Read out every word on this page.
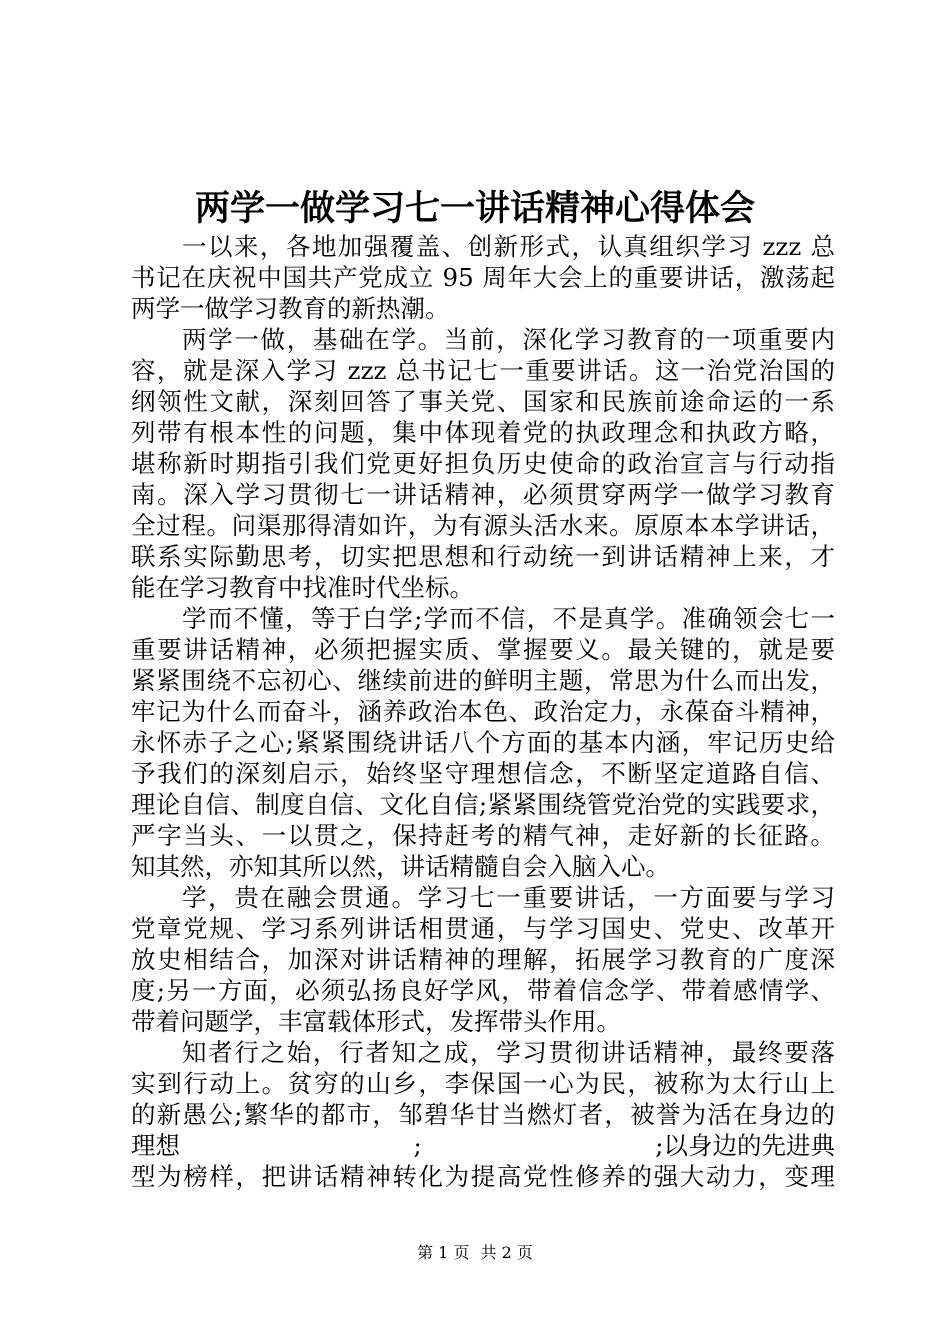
两学一做学习七一讲话精神心得体会
一以来，各地加强覆盖、创新形式，认真组织学习 zzz 总
书记在庆祝中国共产党成立 95 周年大会上的重要讲话，激荡起
两学一做学习教育的新热潮。
两学一做，基础在学。当前，深化学习教育的一项重要内
容，就是深入学习 zzz 总书记七一重要讲话。这一治党治国的
纲领性文献，深刻回答了事关党、国家和民族前途命运的一系
列带有根本性的问题，集中体现着党的执政理念和执政方略，
堪称新时期指引我们党更好担负历史使命的政治宣言与行动指
南。深入学习贯彻七一讲话精神，必须贯穿两学一做学习教育
全过程。问渠那得清如许，为有源头活水来。原原本本学讲话，
联系实际勤思考，切实把思想和行动统一到讲话精神上来，才
能在学习教育中找准时代坐标。
学而不懂，等于白学;学而不信，不是真学。准确领会七一
重要讲话精神，必须把握实质、掌握要义。最关键的，就是要
紧紧围绕不忘初心、继续前进的鲜明主题，常思为什么而出发，
牢记为什么而奋斗，涵养政治本色、政治定力，永葆奋斗精神，
永怀赤子之心;紧紧围绕讲话八个方面的基本内涵，牢记历史给
予我们的深刻启示，始终坚守理想信念，不断坚定道路自信、
理论自信、制度自信、文化自信;紧紧围绕管党治党的实践要求，
严字当头、一以贯之，保持赶考的精气神，走好新的长征路。
知其然，亦知其所以然，讲话精髓自会入脑入心。
学，贵在融会贯通。学习七一重要讲话，一方面要与学习
党章党规、学习系列讲话相贯通，与学习国史、党史、改革开
放史相结合，加深对讲话精神的理解，拓展学习教育的广度深
度;另一方面，必须弘扬良好学风，带着信念学、带着感情学、
带着问题学，丰富载体形式，发挥带头作用。
知者行之始，行者知之成，学习贯彻讲话精神，最终要落
实到行动上。贫穷的山乡，李保国一心为民，被称为太行山上
的新愚公;繁华的都市，邹碧华甘当燃灯者，被誉为活在身边的
理想	;	;以身边的先进典
型为榜样，把讲话精神转化为提高党性修养的强大动力，变理
第 1 页 共 2 页
